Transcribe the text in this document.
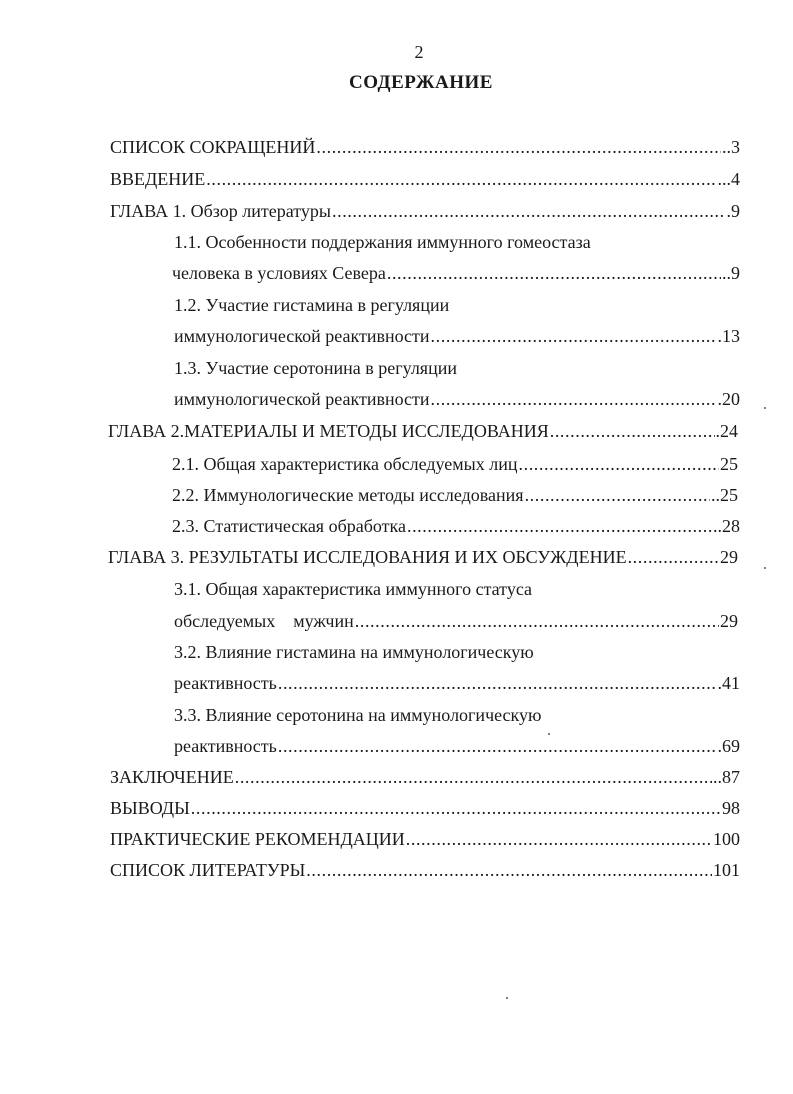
2
СОДЕРЖАНИЕ
СПИСОК СОКРАЩЕНИЙ .....	..3
ВВЕДЕНИЕ .....	...4
ГЛАВА 1. Обзор литературы .....	.9
1.1. Особенности поддержания иммунного гомеостаза
человека в условиях Севера .....	..9
1.2. Участие гистамина в регуляции
иммунологической реактивности .....	.13
1.3. Участие серотонина в регуляции
иммунологической реактивности .....	.20
ГЛАВА 2.МАТЕРИАЛЫ И МЕТОДЫ ИССЛЕДОВАНИЯ .....	.24
2.1. Общая характеристика обследуемых лиц .....	25
2.2. Иммунологические методы исследования .....	..25
2.3. Статистическая обработка .....	.28
ГЛАВА 3. РЕЗУЛЬТАТЫ ИССЛЕДОВАНИЯ И ИХ ОБСУЖДЕНИЕ .....	29
3.1. Общая характеристика иммунного статуса
обследуемых    мужчин .....	29
3.2. Влияние гистамина на иммунологическую
реактивность .....	.41
3.3. Влияние серотонина на иммунологическую
реактивность .....	.69
ЗАКЛЮЧЕНИЕ .....	..87
ВЫВОДЫ .....	98
ПРАКТИЧЕСКИЕ РЕКОМЕНДАЦИИ .....	100
СПИСОК ЛИТЕРАТУРЫ .....	101
